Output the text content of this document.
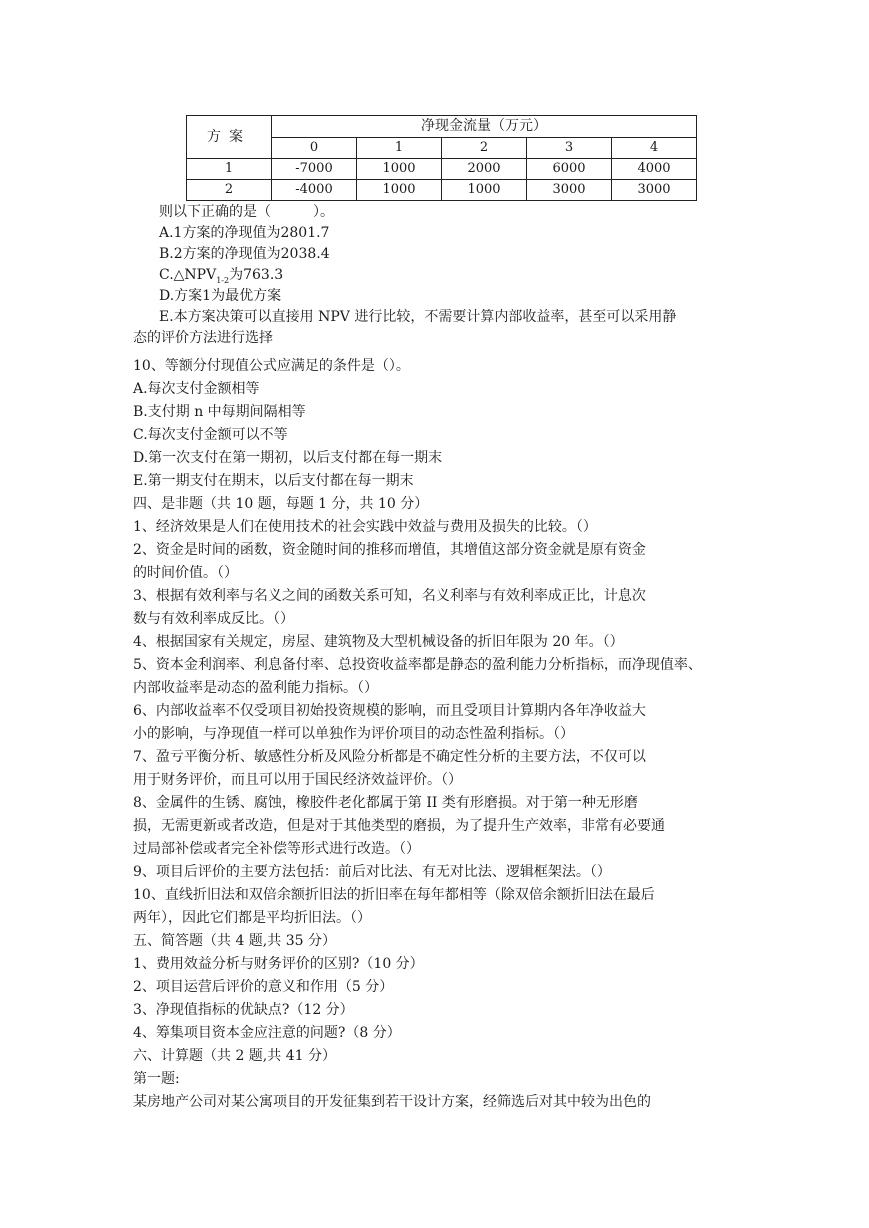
方案	净现金流量（万元）				
	0	1	2	3	4
1	-7000	1000	2000	6000	4000
2	-4000	1000	1000	3000	3000
则以下正确的是（　　　）。
A.1方案的净现值为2801.7
B.2方案的净现值为2038.4
$C.\triangle NPV_{1-2}$为763.3
D.方案1为最优方案
E.本方案决策可以直接用 NPV 进行比较，不需要计算内部收益率，甚至可以采用静
态的评价方法进行选择
10、等额分付现值公式应满足的条件是（）。
A.每次支付金额相等
B.支付期 n 中每期间隔相等
C.每次支付金额可以不等
D.第一次支付在第一期初，以后支付都在每一期末
E.第一期支付在期末，以后支付都在每一期末
四、是非题（共 10 题，每题 1 分，共 10 分）
1、经济效果是人们在使用技术的社会实践中效益与费用及损失的比较。（）
2、资金是时间的函数，资金随时间的推移而增值，其增值这部分资金就是原有资金
的时间价值。（）
3、根据有效利率与名义之间的函数关系可知，名义利率与有效利率成正比，计息次
数与有效利率成反比。（）
4、根据国家有关规定，房屋、建筑物及大型机械设备的折旧年限为 20 年。（）
5、资本金利润率、利息备付率、总投资收益率都是静态的盈利能力分析指标，而净现值率、
内部收益率是动态的盈利能力指标。（）
6、内部收益率不仅受项目初始投资规模的影响，而且受项目计算期内各年净收益大
小的影响，与净现值一样可以单独作为评价项目的动态性盈利指标。（）
7、盈亏平衡分析、敏感性分析及风险分析都是不确定性分析的主要方法，不仅可以
用于财务评价，而且可以用于国民经济效益评价。（）
8、金属件的生锈、腐蚀，橡胶件老化都属于第 II 类有形磨损。对于第一种无形磨
损，无需更新或者改造，但是对于其他类型的磨损，为了提升生产效率，非常有必要通
过局部补偿或者完全补偿等形式进行改造。（）
9、项目后评价的主要方法包括：前后对比法、有无对比法、逻辑框架法。（）
10、直线折旧法和双倍余额折旧法的折旧率在每年都相等（除双倍余额折旧法在最后
两年），因此它们都是平均折旧法。（）
五、简答题（共 4 题,共 35 分）
1、费用效益分析与财务评价的区别?（10 分）
2、项目运营后评价的意义和作用（5 分）
3、净现值指标的优缺点?（12 分）
4、筹集项目资本金应注意的问题?（8 分）
六、计算题（共 2 题,共 41 分）
第一题:
某房地产公司对某公寓项目的开发征集到若干设计方案，经筛选后对其中较为出色的
